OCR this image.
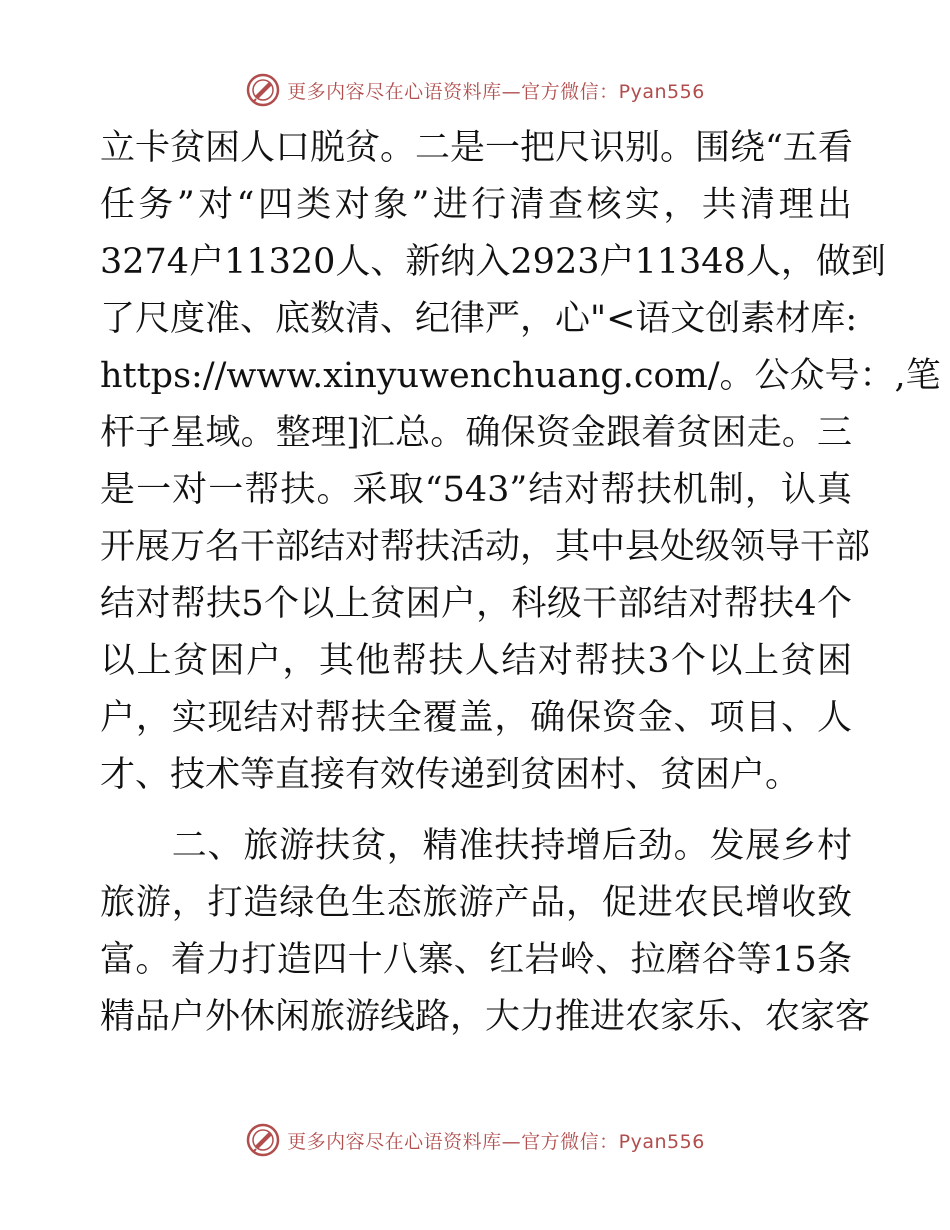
更多内容尽在心语资料库—官方微信：Pyan556
立卡贫困人口脱贫。二是一把尺识别。围绕“五看
任务”对“四类对象”进行清查核实，共清理出
3274户11320人、新纳入2923户11348人，做到
了尺度准、底数清、纪律严，心"<语文创素材库:
https://www.xinyuwenchuang.com/。公众号：,笔
杆子星域。整理]汇总。确保资金跟着贫困走。三
是一对一帮扶。采取“543”结对帮扶机制，认真
开展万名干部结对帮扶活动，其中县处级领导干部
结对帮扶5个以上贫困户，科级干部结对帮扶4个
以上贫困户，其他帮扶人结对帮扶3个以上贫困
户，实现结对帮扶全覆盖，确保资金、项目、人
才、技术等直接有效传递到贫困村、贫困户。
　　二、旅游扶贫，精准扶持增后劲。发展乡村
旅游，打造绿色生态旅游产品，促进农民增收致
富。着力打造四十八寨、红岩岭、拉磨谷等15条
精品户外休闲旅游线路，大力推进农家乐、农家客
更多内容尽在心语资料库—官方微信：Pyan556
